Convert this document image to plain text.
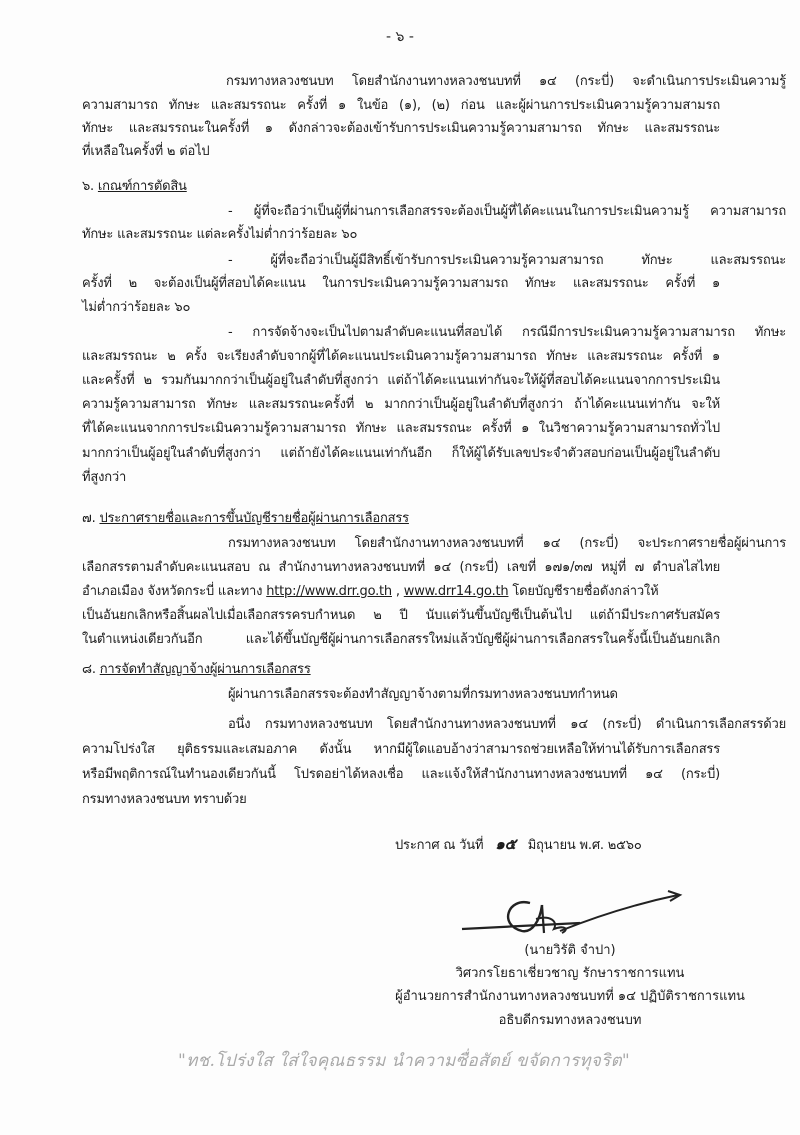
- ๖ -
กรมทางหลวงชนบท โดยสำนักงานทางหลวงชนบทที่ ๑๔ (กระบี่) จะดำเนินการประเมินความรู้
ความสามารถ ทักษะ และสมรรถนะ ครั้งที่ ๑ ในข้อ (๑), (๒) ก่อน และผู้ผ่านการประเมินความรู้ความสามรถ
ทักษะ และสมรรถนะในครั้งที่ ๑ ดังกล่าวจะต้องเข้ารับการประเมินความรู้ความสามารถ ทักษะ และสมรรถนะ
ที่เหลือในครั้งที่ ๒ ต่อไป
๖. เกณฑ์การตัดสิน
- ผู้ที่จะถือว่าเป็นผู้ที่ผ่านการเลือกสรรจะต้องเป็นผู้ที่ได้คะแนนในการประเมินความรู้ ความสามารถ
ทักษะ และสมรรถนะ แต่ละครั้งไม่ต่ำกว่าร้อยละ ๖๐
- ผู้ที่จะถือว่าเป็นผู้มีสิทธิ์เข้ารับการประเมินความรู้ความสามารถ ทักษะ และสมรรถนะ
ครั้งที่ ๒ จะต้องเป็นผู้ที่สอบได้คะแนน ในการประเมินความรู้ความสามรถ ทักษะ และสมรรถนะ ครั้งที่ ๑
ไม่ต่ำกว่าร้อยละ ๖๐
- การจัดจ้างจะเป็นไปตามลำดับคะแนนที่สอบได้ กรณีมีการประเมินความรู้ความสามารถ ทักษะ
และสมรรถนะ ๒ ครั้ง จะเรียงลำดับจากผู้ที่ได้คะแนนประเมินความรู้ความสามารถ ทักษะ และสมรรถนะ ครั้งที่ ๑
และครั้งที่ ๒ รวมกันมากกว่าเป็นผู้อยู่ในลำดับที่สูงกว่า แต่ถ้าได้คะแนนเท่ากันจะให้ผู้ที่สอบได้คะแนนจากการประเมิน
ความรู้ความสามารถ ทักษะ และสมรรถนะครั้งที่ ๒ มากกว่าเป็นผู้อยู่ในลำดับที่สูงกว่า ถ้าได้คะแนนเท่ากัน จะให้
ที่ได้คะแนนจากการประเมินความรู้ความสามารถ ทักษะ และสมรรถนะ ครั้งที่ ๑ ในวิชาความรู้ความสามารถทั่วไป
มากกว่าเป็นผู้อยู่ในลำดับที่สูงกว่า แต่ถ้ายังได้คะแนนเท่ากันอีก ก็ให้ผู้ได้รับเลขประจำตัวสอบก่อนเป็นผู้อยู่ในลำดับ
ที่สูงกว่า
๗. ประกาศรายชื่อและการขึ้นบัญชีรายชื่อผู้ผ่านการเลือกสรร
กรมทางหลวงชนบท โดยสำนักงานทางหลวงชนบทที่ ๑๔ (กระบี่) จะประกาศรายชื่อผู้ผ่านการ
เลือกสรรตามลำดับคะแนนสอบ ณ สำนักงานทางหลวงชนบทที่ ๑๔ (กระบี่) เลขที่ ๑๗๑/๓๗ หมู่ที่ ๗ ตำบลไสไทย
อำเภอเมือง จังหวัดกระบี่ และทาง http://www.drr.go.th , www.drr14.go.th โดยบัญชีรายชื่อดังกล่าวให้
เป็นอันยกเลิกหรือสิ้นผลไปเมื่อเลือกสรรครบกำหนด ๒ ปี นับแต่วันขึ้นบัญชีเป็นต้นไป แต่ถ้ามีประกาศรับสมัคร
ในตำแหน่งเดียวกันอีก และได้ขึ้นบัญชีผู้ผ่านการเลือกสรรใหม่แล้วบัญชีผู้ผ่านการเลือกสรรในครั้งนี้เป็นอันยกเลิก
๘. การจัดทำสัญญาจ้างผู้ผ่านการเลือกสรร
ผู้ผ่านการเลือกสรรจะต้องทำสัญญาจ้างตามที่กรมทางหลวงชนบทกำหนด
อนึ่ง กรมทางหลวงชนบท โดยสำนักงานทางหลวงชนบทที่ ๑๔ (กระบี่) ดำเนินการเลือกสรรด้วย
ความโปร่งใส ยุติธรรมและเสมอภาค ดังนั้น หากมีผู้ใดแอบอ้างว่าสามารถช่วยเหลือให้ท่านได้รับการเลือกสรร
หรือมีพฤติการณ์ในทำนองเดียวกันนี้ โปรดอย่าได้หลงเชื่อ และแจ้งให้สำนักงานทางหลวงชนบทที่ ๑๔ (กระบี่)
กรมทางหลวงชนบท ทราบด้วย
ประกาศ ณ วันที่ ๑๕ มิถุนายน พ.ศ. ๒๕๖๐
(นายวิรัติ จำปา)
วิศวกรโยธาเชี่ยวชาญ รักษาราชการแทน
ผู้อำนวยการสำนักงานทางหลวงชนบทที่ ๑๔ ปฏิบัติราชการแทน
อธิบดีกรมทางหลวงชนบท
"ทช.โปร่งใส ใส่ใจคุณธรรม นำความซื่อสัตย์ ขจัดการทุจริต"
